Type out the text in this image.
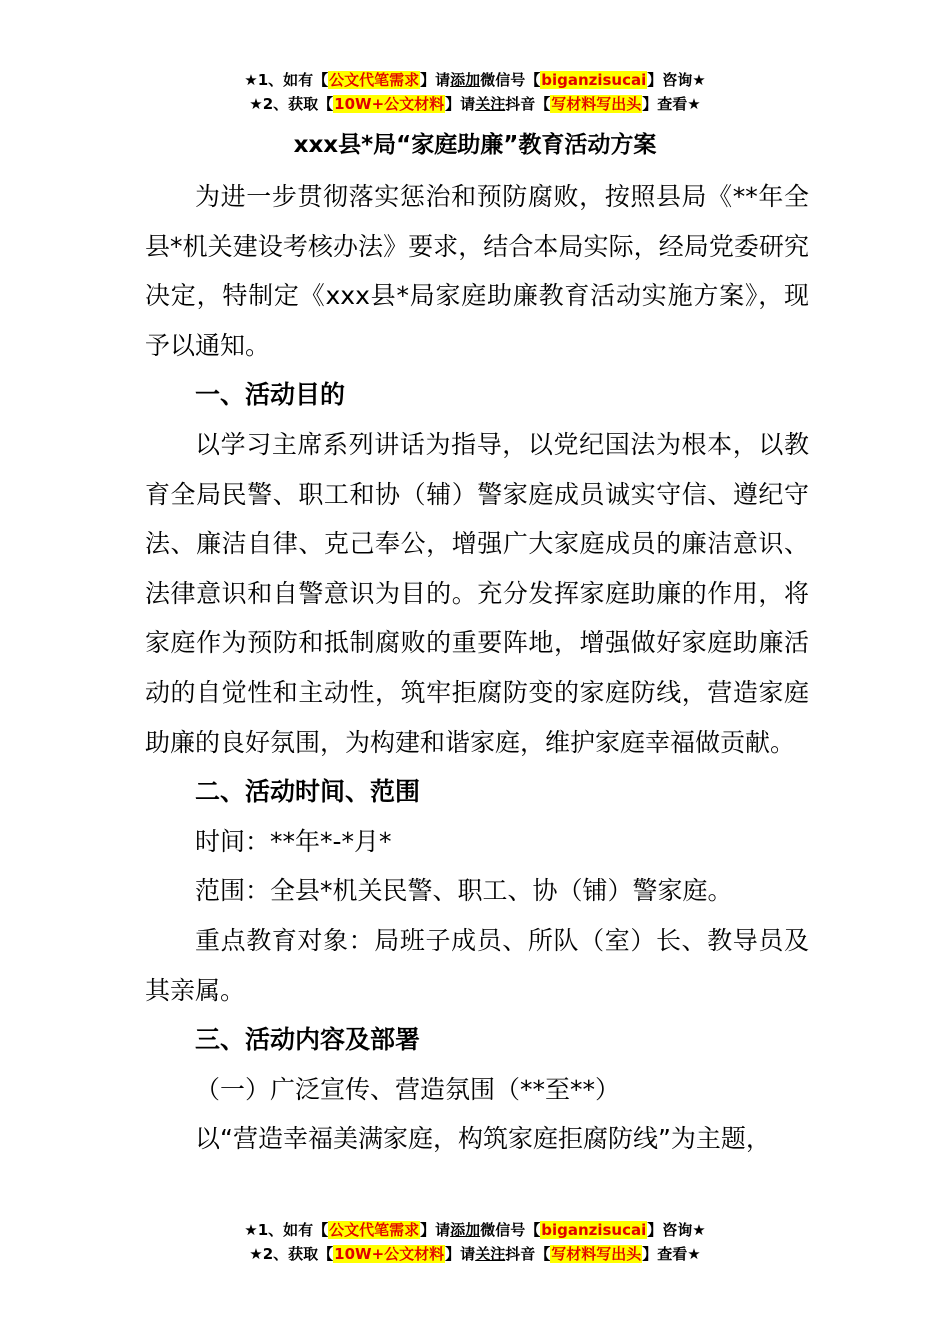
★1、如有【公文代笔需求】请添加微信号【biganzisucai】咨询★
★2、获取【10W+公文材料】请关注抖音【写材料写出头】查看★
xxx县*局“家庭助廉”教育活动方案

为进一步贯彻落实惩治和预防腐败，按照县局《**年全县*机关建设考核办法》要求，结合本局实际，经局党委研究决定，特制定《xxx县*局家庭助廉教育活动实施方案》，现予以通知。

一、活动目的

以学习主席系列讲话为指导，以党纪国法为根本，以教育全局民警、职工和协（辅）警家庭成员诚实守信、遵纪守法、廉洁自律、克己奉公，增强广大家庭成员的廉洁意识、法律意识和自警意识为目的。充分发挥家庭助廉的作用，将家庭作为预防和抵制腐败的重要阵地，增强做好家庭助廉活动的自觉性和主动性，筑牢拒腐防变的家庭防线，营造家庭助廉的良好氛围，为构建和谐家庭，维护家庭幸福做贡献。

二、活动时间、范围

时间：**年*-*月*

范围：全县*机关民警、职工、协（铺）警家庭。

重点教育对象：局班子成员、所队（室）长、教导员及其亲属。

三、活动内容及部署

（一）广泛宣传、营造氛围（**至**）

以“营造幸福美满家庭，构筑家庭拒腐防线”为主题，

★1、如有【公文代笔需求】请添加微信号【biganzisucai】咨询★
★2、获取【10W+公文材料】请关注抖音【写材料写出头】查看★
